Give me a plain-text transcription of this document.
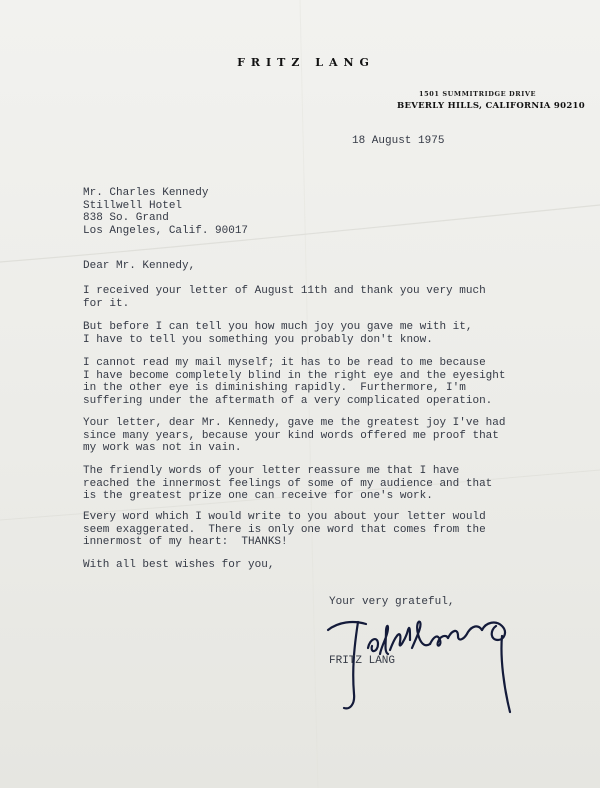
FRITZ LANG
1501 SUMMITRIDGE DRIVE
BEVERLY HILLS, CALIFORNIA 90210
18 August 1975
Mr. Charles Kennedy
Stillwell Hotel
838 So. Grand
Los Angeles, Calif. 90017
Dear Mr. Kennedy,
I received your letter of August 11th and thank you very much
for it.
But before I can tell you how much joy you gave me with it,
I have to tell you something you probably don't know.
I cannot read my mail myself; it has to be read to me because
I have become completely blind in the right eye and the eyesight
in the other eye is diminishing rapidly.  Furthermore, I'm
suffering under the aftermath of a very complicated operation.
Your letter, dear Mr. Kennedy, gave me the greatest joy I've had
since many years, because your kind words offered me proof that
my work was not in vain.
The friendly words of your letter reassure me that I have
reached the innermost feelings of some of my audience and that
is the greatest prize one can receive for one's work.
Every word which I would write to you about your letter would
seem exaggerated.  There is only one word that comes from the
innermost of my heart:  THANKS!
With all best wishes for you,
Your very grateful,
FRITZ LANG
